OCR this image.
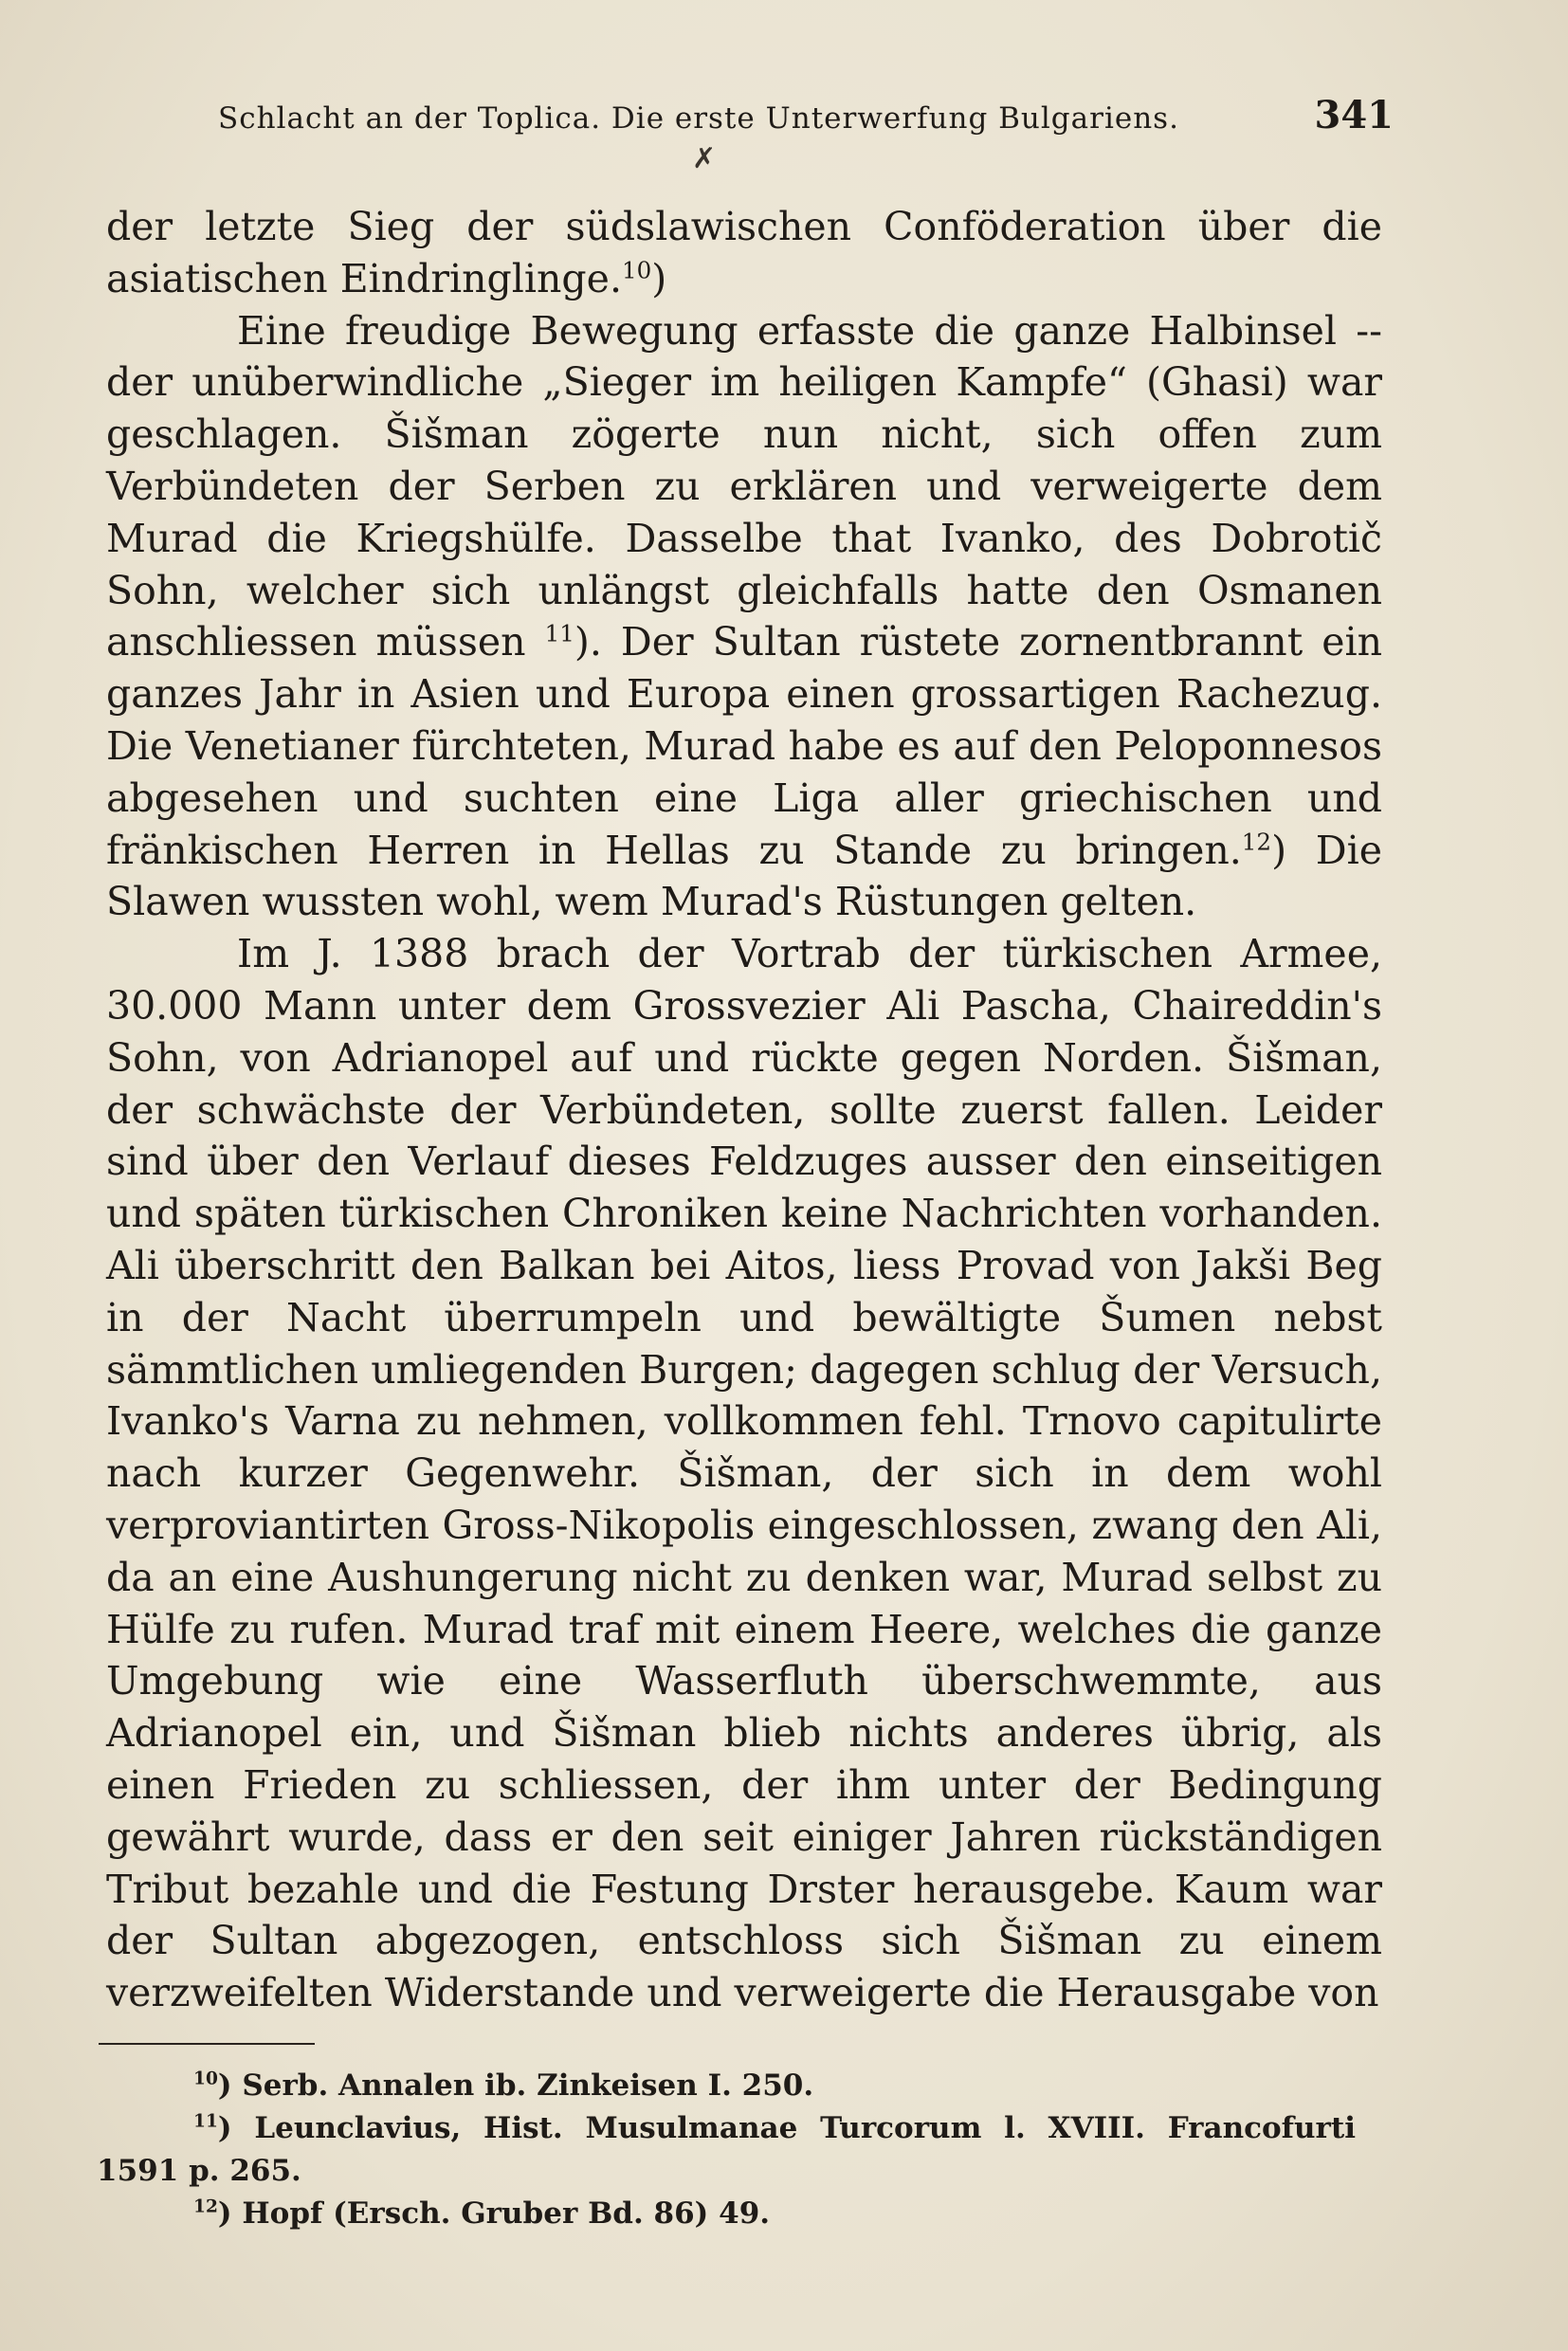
Schlacht an der Toplica. Die erste Unterwerfung Bulgariens.	341
✗

der letzte Sieg der südslawischen Conföderation über die asiatischen Eindringlinge.$^{10}$)

Eine freudige Bewegung erfasste die ganze Halbinsel -- der unüberwindliche „Sieger im heiligen Kampfe“ (Ghasi) war geschlagen. Šišman zögerte nun nicht, sich offen zum Verbündeten der Serben zu erklären und verweigerte dem Murad die Kriegshülfe. Dasselbe that Ivanko, des Dobrotič Sohn, welcher sich unlängst gleichfalls hatte den Osmanen anschliessen müssen $^{11}$). Der Sultan rüstete zornentbrannt ein ganzes Jahr in Asien und Europa einen grossartigen Rachezug. Die Venetianer fürchteten, Murad habe es auf den Peloponnesos abgesehen und suchten eine Liga aller griechischen und fränkischen Herren in Hellas zu Stande zu bringen.$^{12}$) Die Slawen wussten wohl, wem Murad's Rüstungen gelten.

Im J. 1388 brach der Vortrab der türkischen Armee, 30.000 Mann unter dem Grossvezier Ali Pascha, Chaireddin's Sohn, von Adrianopel auf und rückte gegen Norden. Šišman, der schwächste der Verbündeten, sollte zuerst fallen. Leider sind über den Verlauf dieses Feldzuges ausser den einseitigen und späten türkischen Chroniken keine Nachrichten vorhanden. Ali überschritt den Balkan bei Aitos, liess Provad von Jakši Beg in der Nacht überrumpeln und bewältigte Šumen nebst sämmtlichen umliegenden Burgen; dagegen schlug der Versuch, Ivanko's Varna zu nehmen, vollkommen fehl. Trnovo capitulirte nach kurzer Gegenwehr. Šišman, der sich in dem wohl verproviantirten Gross-Nikopolis eingeschlossen, zwang den Ali, da an eine Aushungerung nicht zu denken war, Murad selbst zu Hülfe zu rufen. Murad traf mit einem Heere, welches die ganze Umgebung wie eine Wasserfluth überschwemmte, aus Adrianopel ein, und Šišman blieb nichts anderes übrig, als einen Frieden zu schliessen, der ihm unter der Bedingung gewährt wurde, dass er den seit einiger Jahren rückständigen Tribut bezahle und die Festung Drster herausgebe. Kaum war der Sultan abgezogen, entschloss sich Šišman zu einem verzweifelten Widerstande und verweigerte die Herausgabe von

$^{10}$) Serb. Annalen ib. Zinkeisen I. 250.

$^{11}$) Leunclavius, Hist. Musulmanae Turcorum l. XVIII. Francofurti 1591 p. 265.

$^{12}$) Hopf (Ersch. Gruber Bd. 86) 49.
